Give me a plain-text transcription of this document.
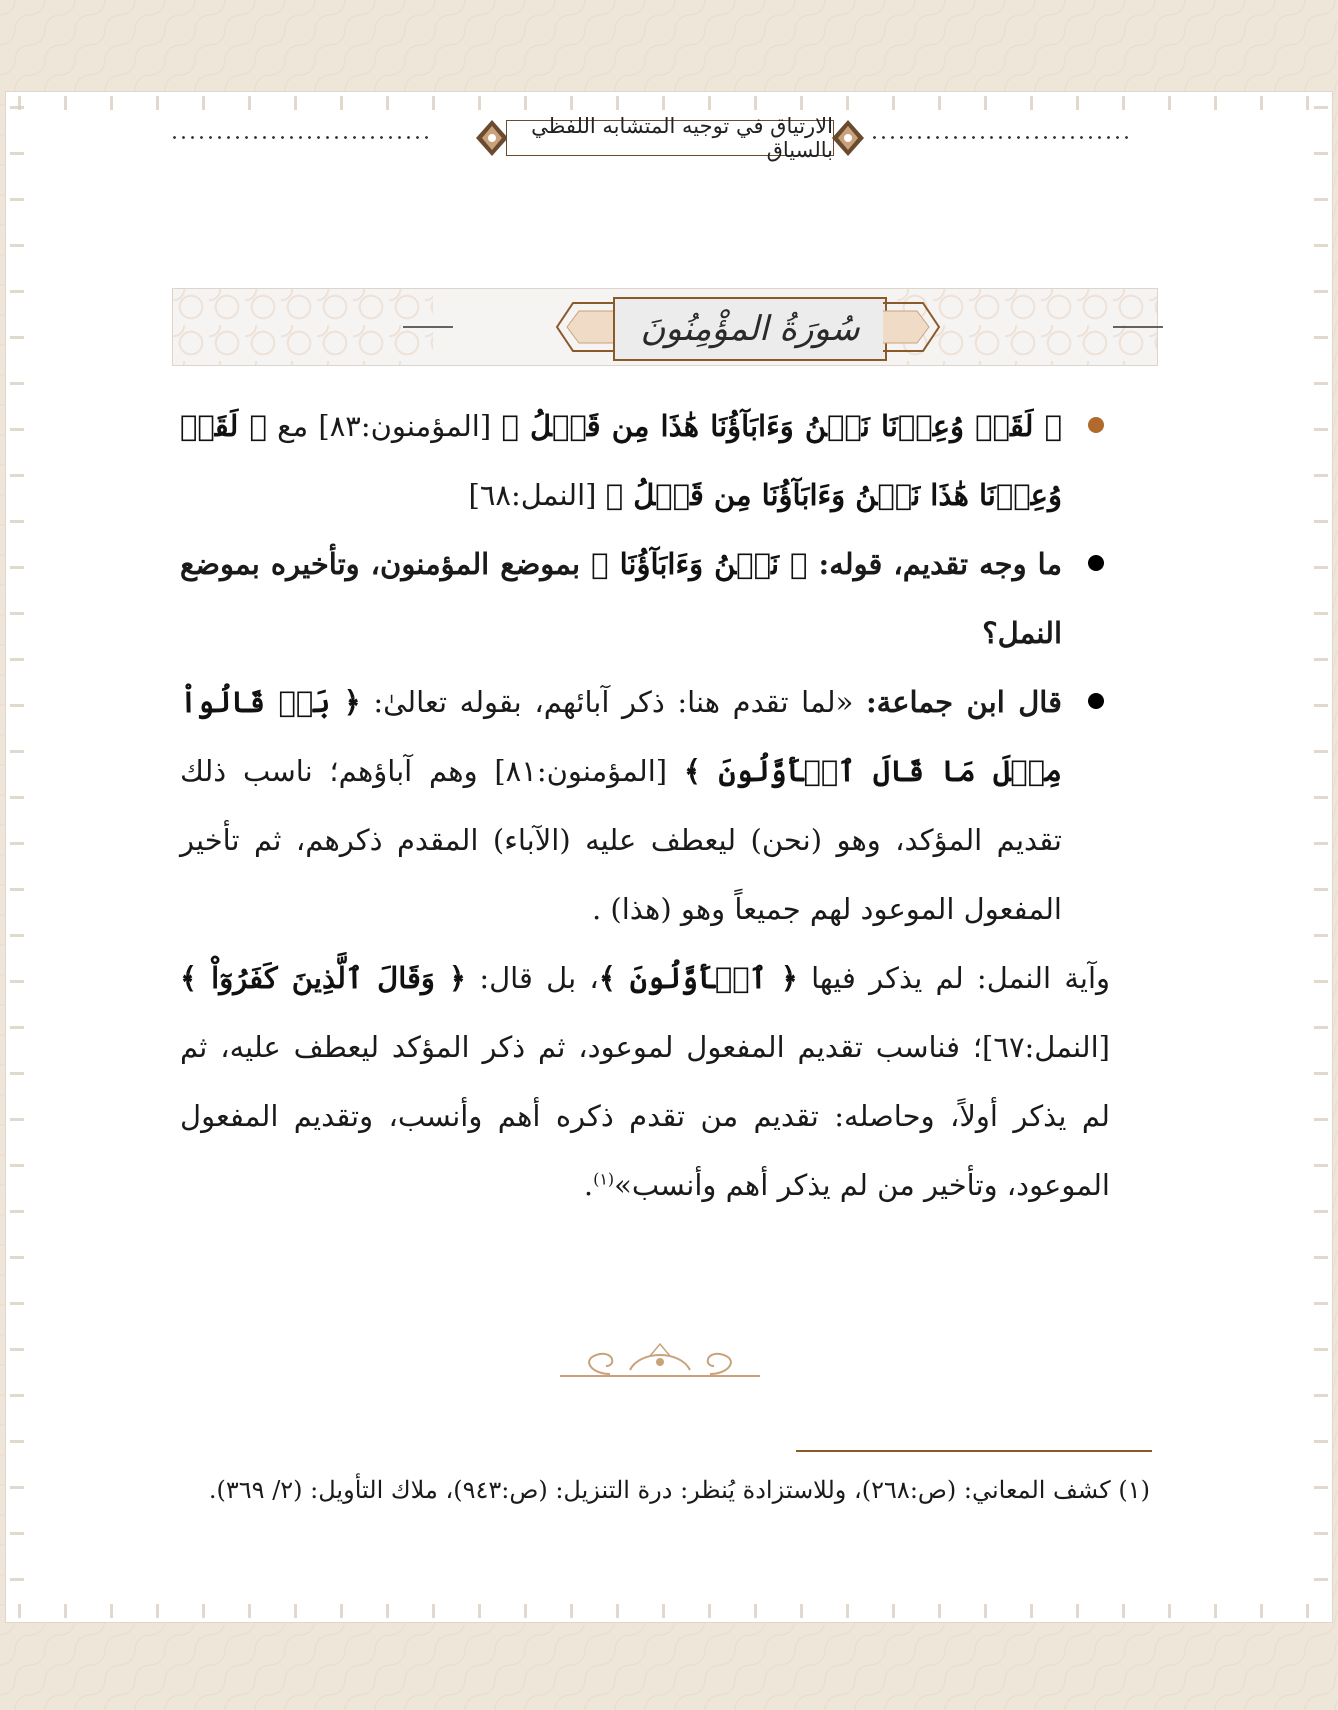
الارتياق في توجيه المتشابه اللفظي بالسياق
سُورَةُ المؤْمِنُونَ

﴿ لَقَدۡ وُعِدۡنَا نَحۡنُ وَءَابَآؤُنَا هَٰذَا مِن قَبۡلُ ﴾ [المؤمنون:٨٣] مع ﴿ لَقَدۡ وُعِدۡنَا هَٰذَا نَحۡنُ وَءَابَآؤُنَا مِن قَبۡلُ ﴾ [النمل:٦٨]

ما وجه تقديم، قوله: ﴿ نَحۡنُ وَءَابَآؤُنَا ﴾ بموضع المؤمنون، وتأخيره بموضع النمل؟

قال ابن جماعة: «لما تقدم هنا: ذكر آبائهم، بقوله تعالىٰ: ﴿ بَلۡ قَالُواْ مِثۡلَ مَا قَالَ ٱلۡأَوَّلُونَ ﴾ [المؤمنون:٨١] وهم آباؤهم؛ ناسب ذلك تقديم المؤكد، وهو (نحن) ليعطف عليه (الآباء) المقدم ذكرهم، ثم تأخير المفعول الموعود لهم جميعاً وهو (هذا) .

وآية النمل: لم يذكر فيها ﴿ ٱلۡأَوَّلُونَ ﴾، بل قال: ﴿ وَقَالَ ٱلَّذِينَ كَفَرُوٓاْ ﴾ [النمل:٦٧]؛ فناسب تقديم المفعول لموعود، ثم ذكر المؤكد ليعطف عليه، ثم لم يذكر أولاً، وحاصله: تقديم من تقدم ذكره أهم وأنسب، وتقديم المفعول الموعود، وتأخير من لم يذكر أهم وأنسب»$^{(١)}$.

(١) كشف المعاني: (ص:٢٦٨)، وللاستزادة يُنظر: درة التنزيل: (ص:٩٤٣)، ملاك التأويل: (٢/ ٣٦٩).
